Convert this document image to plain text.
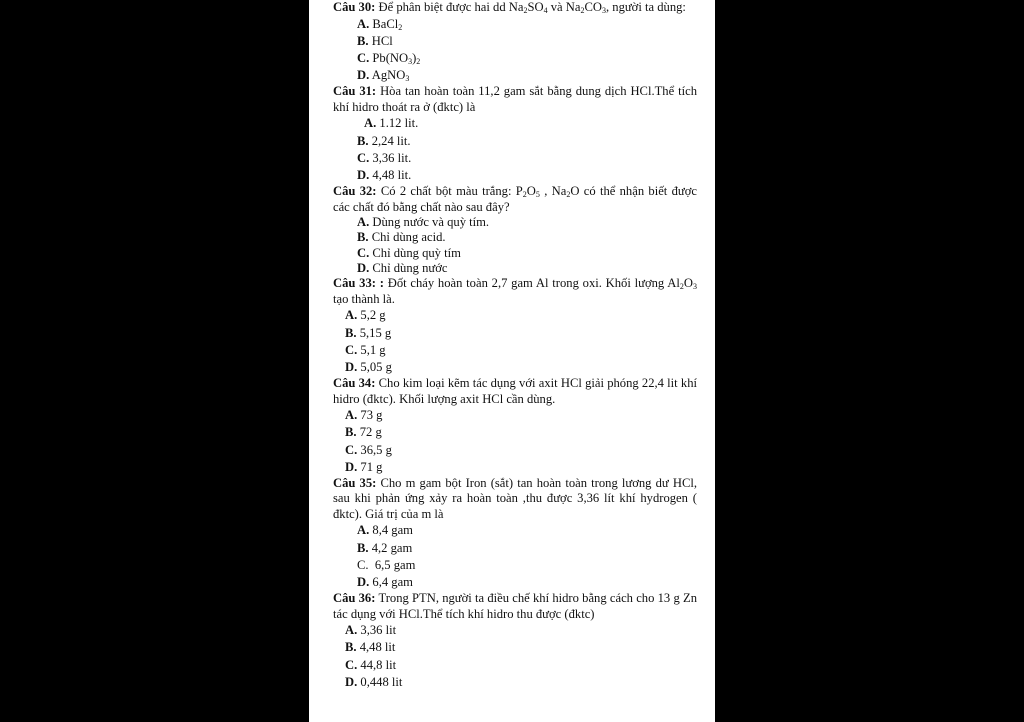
Câu 30: Để phân biệt được hai dd $Na_2SO_4$ và $Na_2CO_3$, người ta dùng:

A. BaCl$_2$

B. HCl

C. $Pb(NO_3)_2$

D. AgNO$_3$

Câu 31: Hòa tan hoàn toàn 11,2 gam sắt bằng dung dịch HCl.Thể tích khí hidro thoát ra ở (đktc) là

A. 1.12 lit.

B. 2,24 lit.

C. 3,36 lit.

D. 4,48 lit.

Câu 32: Có 2 chất bột màu trắng: $P_2O_5$ , $Na_2O$ có thể nhận biết được các chất đó bằng chất nào sau đây?

A. Dùng nước và quỳ tím.

B. Chỉ dùng acid.

C. Chỉ dùng quỳ tím

D. Chỉ dùng nước

Câu 33: : Đốt cháy hoàn toàn 2,7 gam Al trong oxi. Khối lượng $Al_2O_3$ tạo thành là.

A. 5,2 g

B. 5,15 g

C. 5,1 g

D. 5,05 g

Câu 34: Cho kim loại kẽm tác dụng với axit HCl giải phóng 22,4 lit khí hidro (đktc). Khối lượng axit HCl cần dùng.

A. 73 g

B. 72 g

C. 36,5 g

D. 71 g

Câu 35: Cho m gam bột Iron (sắt) tan hoàn toàn trong lương dư HCl, sau khi phản ứng xảy ra hoàn toàn ,thu được 3,36 lít khí hydrogen ( đktc). Giá trị của m là

A. 8,4 gam

B. 4,2 gam

C. 6,5 gam

D. 6,4 gam

Câu 36: Trong PTN, người ta điều chế khí hidro bằng cách cho 13 g Zn tác dụng với HCl.Thể tích khí hidro thu được (đktc)

A. 3,36 lit

B. 4,48 lit

C. 44,8 lit

D. 0,448 lit
